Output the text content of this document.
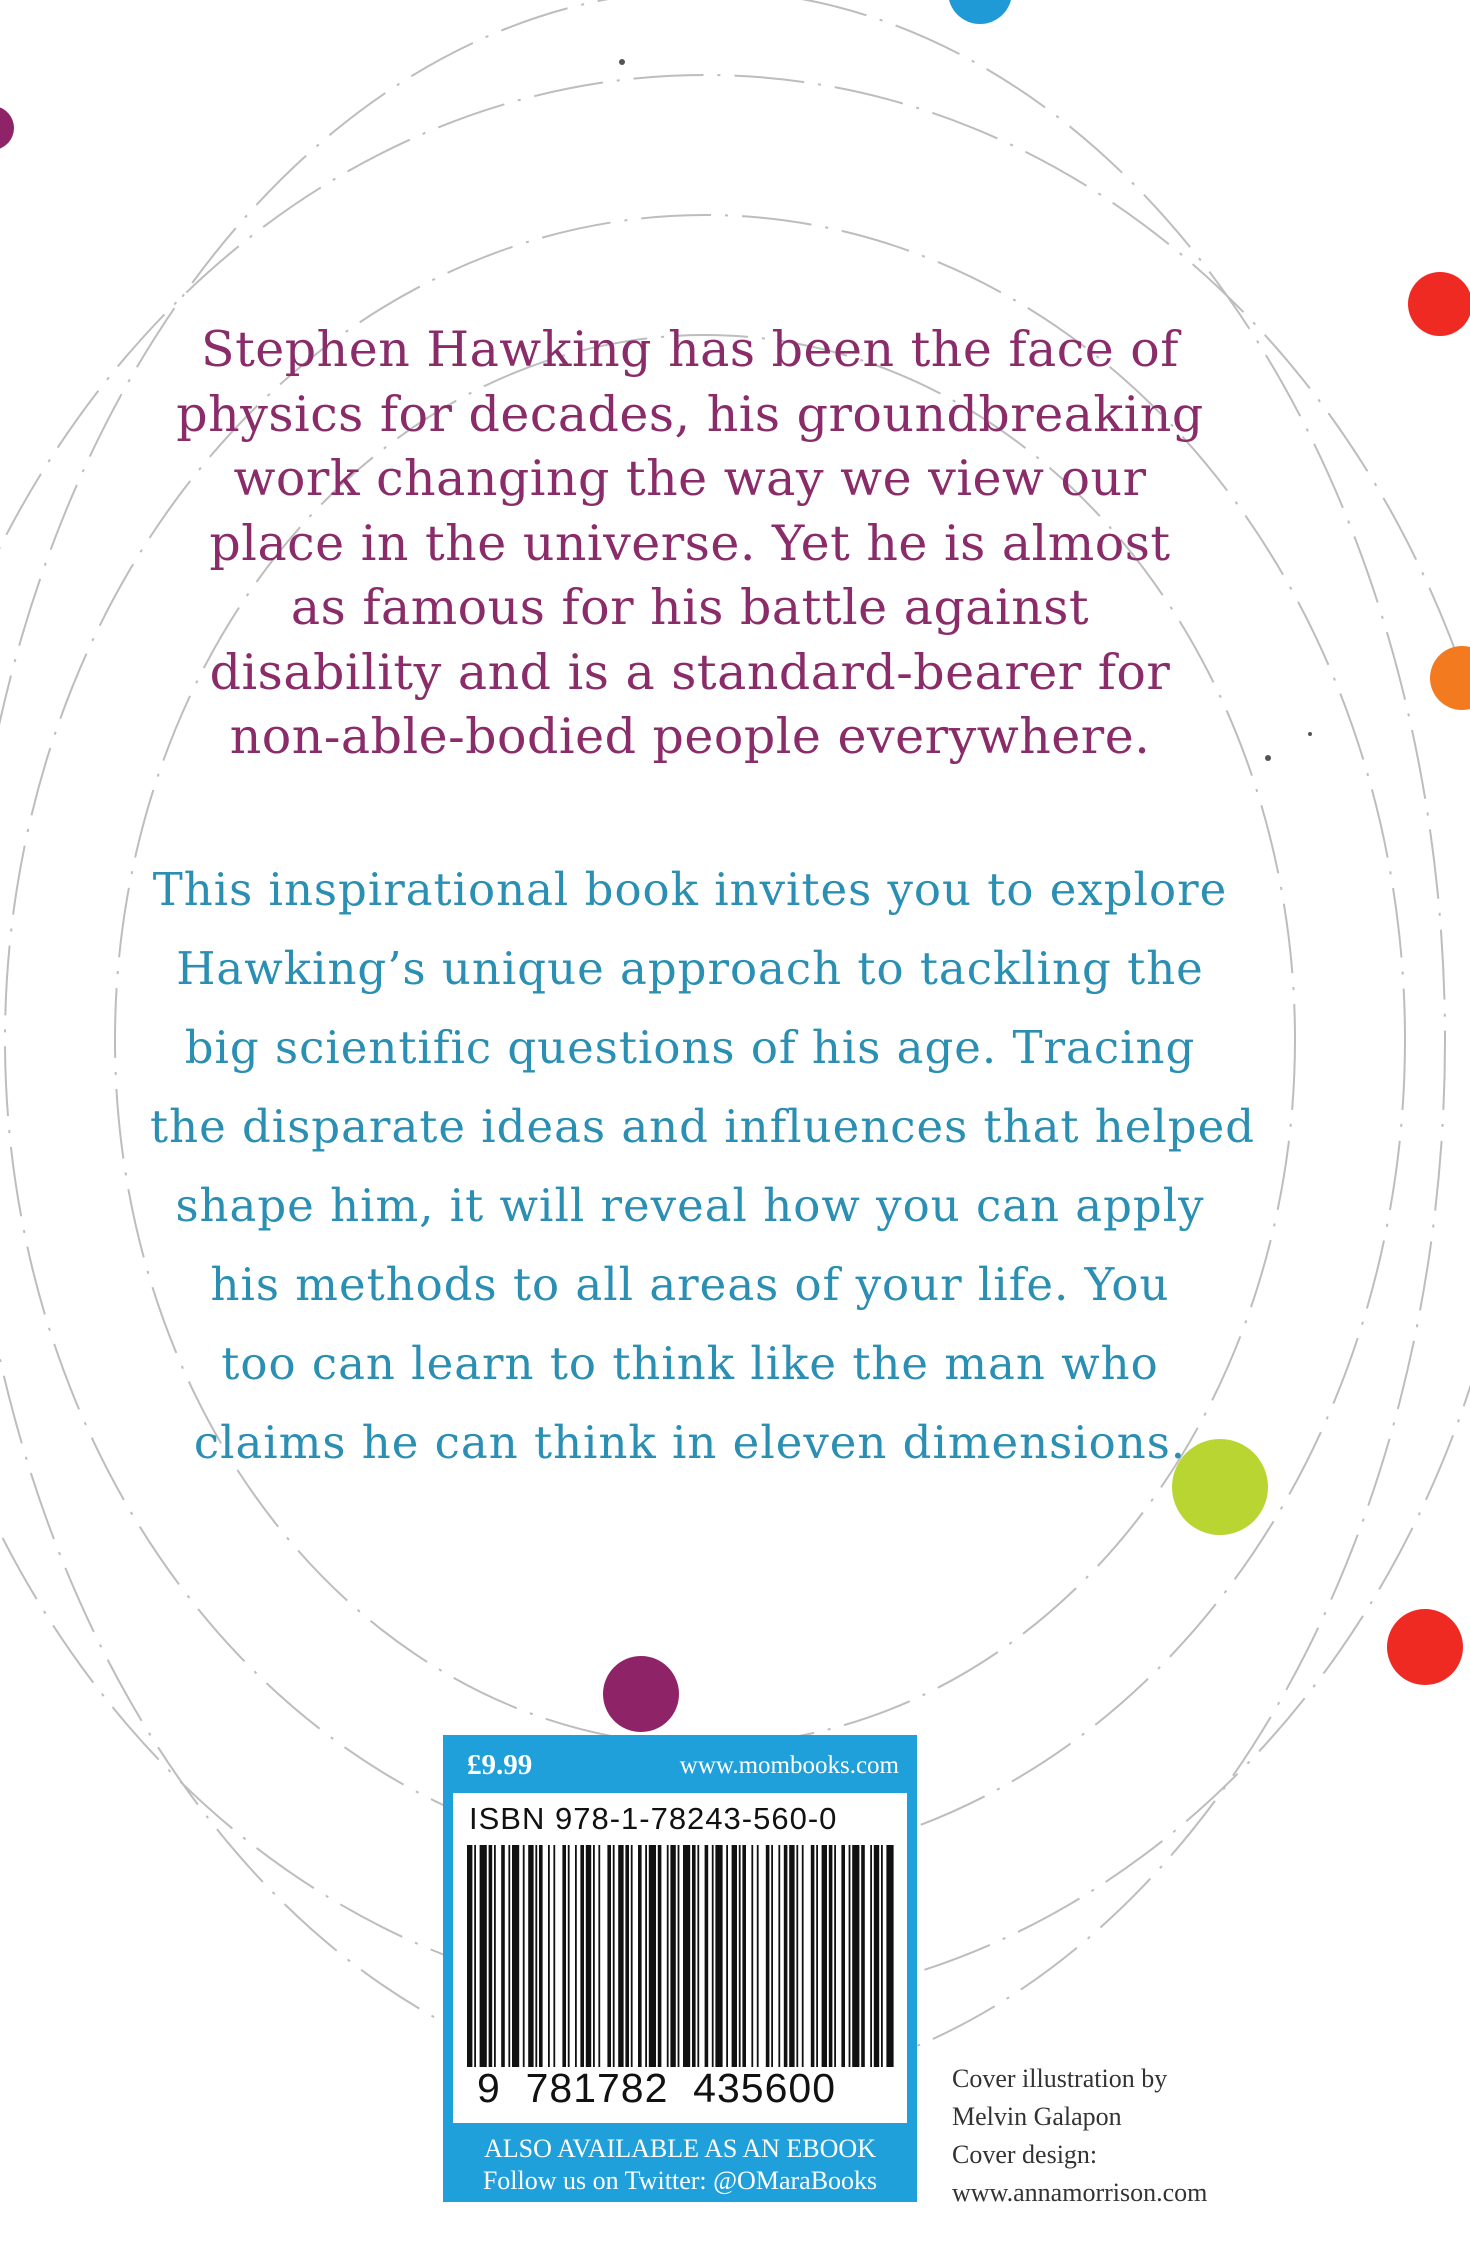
Stephen Hawking has been the face of
physics for decades, his groundbreaking
work changing the way we view our
place in the universe. Yet he is almost
as famous for his battle against
disability and is a standard-bearer for
non-able-bodied people everywhere.

This inspirational book invites you to explore
Hawking’s unique approach to tackling the
big scientific questions of his age. Tracing
the disparate ideas and influences that helped
shape him, it will reveal how you can apply
his methods to all areas of your life. You
too can learn to think like the man who
claims he can think in eleven dimensions.

£9.99	www.mombooks.com
ISBN 978-1-78243-560-0
9  781782  435600
ALSO AVAILABLE AS AN EBOOK
Follow us on Twitter: @OMaraBooks
Cover illustration by
Melvin Galapon
Cover design:
www.annamorrison.com
